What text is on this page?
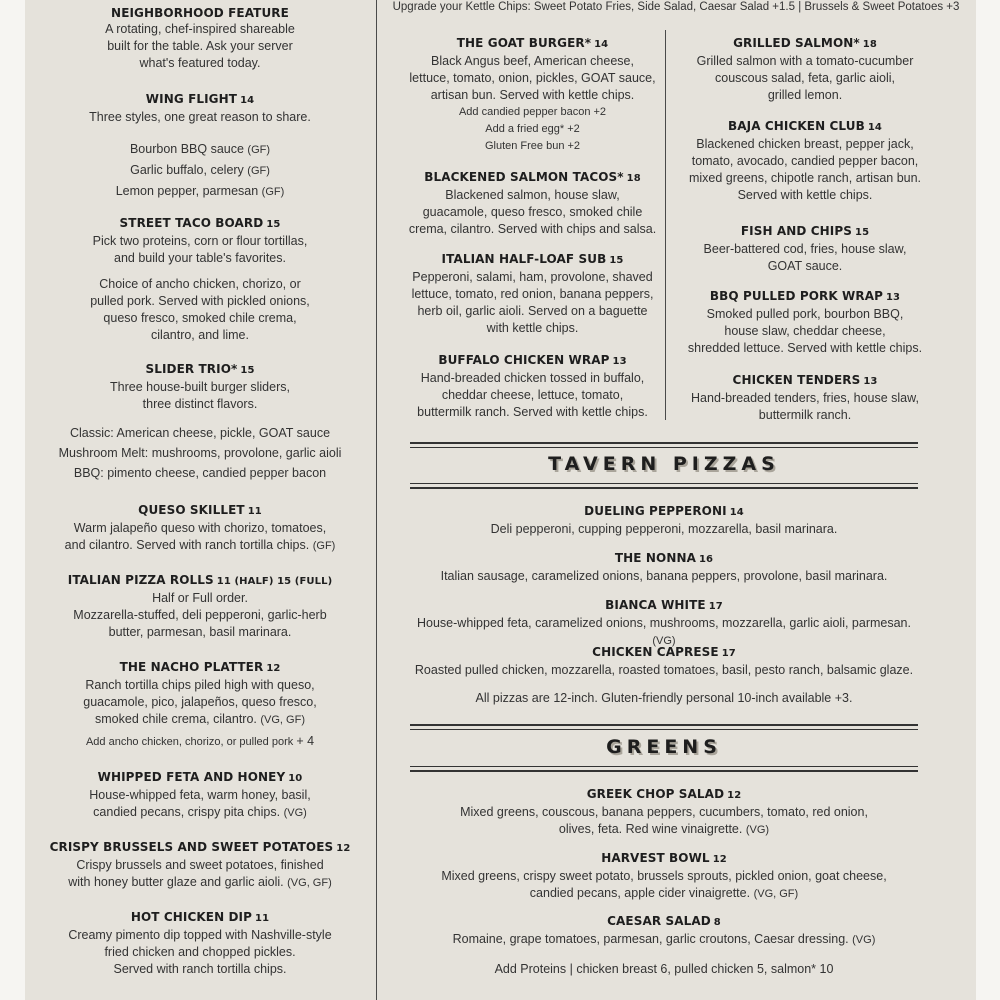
Upgrade your Kettle Chips: Sweet Potato Fries, Side Salad, Caesar Salad +1.5 | Brussels & Sweet Potatoes +3
NEIGHBORHOOD FEATURE
A rotating, chef-inspired shareable
built for the table. Ask your server
what's featured today.
WING FLIGHT 14
Three styles, one great reason to share.
Bourbon BBQ sauce (GF)
Garlic buffalo, celery (GF)
Lemon pepper, parmesan (GF)
STREET TACO BOARD 15
Pick two proteins, corn or flour tortillas,
and build your table's favorites.
Choice of ancho chicken, chorizo, or
pulled pork. Served with pickled onions,
queso fresco, smoked chile crema,
cilantro, and lime.
SLIDER TRIO* 15
Three house-built burger sliders,
three distinct flavors.
Classic: American cheese, pickle, GOAT sauce
Mushroom Melt: mushrooms, provolone, garlic aioli
BBQ: pimento cheese, candied pepper bacon
QUESO SKILLET 11
Warm jalapeño queso with chorizo, tomatoes,
and cilantro. Served with ranch tortilla chips. (GF)
ITALIAN PIZZA ROLLS 11 (HALF) 15 (FULL)
Half or Full order.
Mozzarella-stuffed, deli pepperoni, garlic-herb
butter, parmesan, basil marinara.
THE NACHO PLATTER 12
Ranch tortilla chips piled high with queso,
guacamole, pico, jalapeños, queso fresco,
smoked chile crema, cilantro. (VG, GF)
Add ancho chicken, chorizo, or pulled pork + 4
WHIPPED FETA AND HONEY 10
House-whipped feta, warm honey, basil,
candied pecans, crispy pita chips. (VG)
CRISPY BRUSSELS AND SWEET POTATOES 12
Crispy brussels and sweet potatoes, finished
with honey butter glaze and garlic aioli. (VG, GF)
HOT CHICKEN DIP 11
Creamy pimento dip topped with Nashville-style
fried chicken and chopped pickles.
Served with ranch tortilla chips.
THE GOAT BURGER* 14
Black Angus beef, American cheese,
lettuce, tomato, onion, pickles, GOAT sauce,
artisan bun. Served with kettle chips.
Add candied pepper bacon +2
Add a fried egg* +2
Gluten Free bun +2
BLACKENED SALMON TACOS* 18
Blackened salmon, house slaw,
guacamole, queso fresco, smoked chile
crema, cilantro. Served with chips and salsa.
ITALIAN HALF-LOAF SUB 15
Pepperoni, salami, ham, provolone, shaved
lettuce, tomato, red onion, banana peppers,
herb oil, garlic aioli. Served on a baguette
with kettle chips.
BUFFALO CHICKEN WRAP 13
Hand-breaded chicken tossed in buffalo,
cheddar cheese, lettuce, tomato,
buttermilk ranch. Served with kettle chips.
GRILLED SALMON* 18
Grilled salmon with a tomato-cucumber
couscous salad, feta, garlic aioli,
grilled lemon.
BAJA CHICKEN CLUB 14
Blackened chicken breast, pepper jack,
tomato, avocado, candied pepper bacon,
mixed greens, chipotle ranch, artisan bun.
Served with kettle chips.
FISH AND CHIPS 15
Beer-battered cod, fries, house slaw,
GOAT sauce.
BBQ PULLED PORK WRAP 13
Smoked pulled pork, bourbon BBQ,
house slaw, cheddar cheese,
shredded lettuce. Served with kettle chips.
CHICKEN TENDERS 13
Hand-breaded tenders, fries, house slaw,
buttermilk ranch.
TAVERN PIZZAS
DUELING PEPPERONI 14
Deli pepperoni, cupping pepperoni, mozzarella, basil marinara.
THE NONNA 16
Italian sausage, caramelized onions, banana peppers, provolone, basil marinara.
BIANCA WHITE 17
House-whipped feta, caramelized onions, mushrooms, mozzarella, garlic aioli, parmesan. (VG)
CHICKEN CAPRESE 17
Roasted pulled chicken, mozzarella, roasted tomatoes, basil, pesto ranch, balsamic glaze.
All pizzas are 12-inch. Gluten-friendly personal 10-inch available +3.
GREENS
GREEK CHOP SALAD 12
Mixed greens, couscous, banana peppers, cucumbers, tomato, red onion,
olives, feta. Red wine vinaigrette. (VG)
HARVEST BOWL 12
Mixed greens, crispy sweet potato, brussels sprouts, pickled onion, goat cheese,
candied pecans, apple cider vinaigrette. (VG, GF)
CAESAR SALAD 8
Romaine, grape tomatoes, parmesan, garlic croutons, Caesar dressing. (VG)
Add Proteins | chicken breast 6, pulled chicken 5, salmon* 10
